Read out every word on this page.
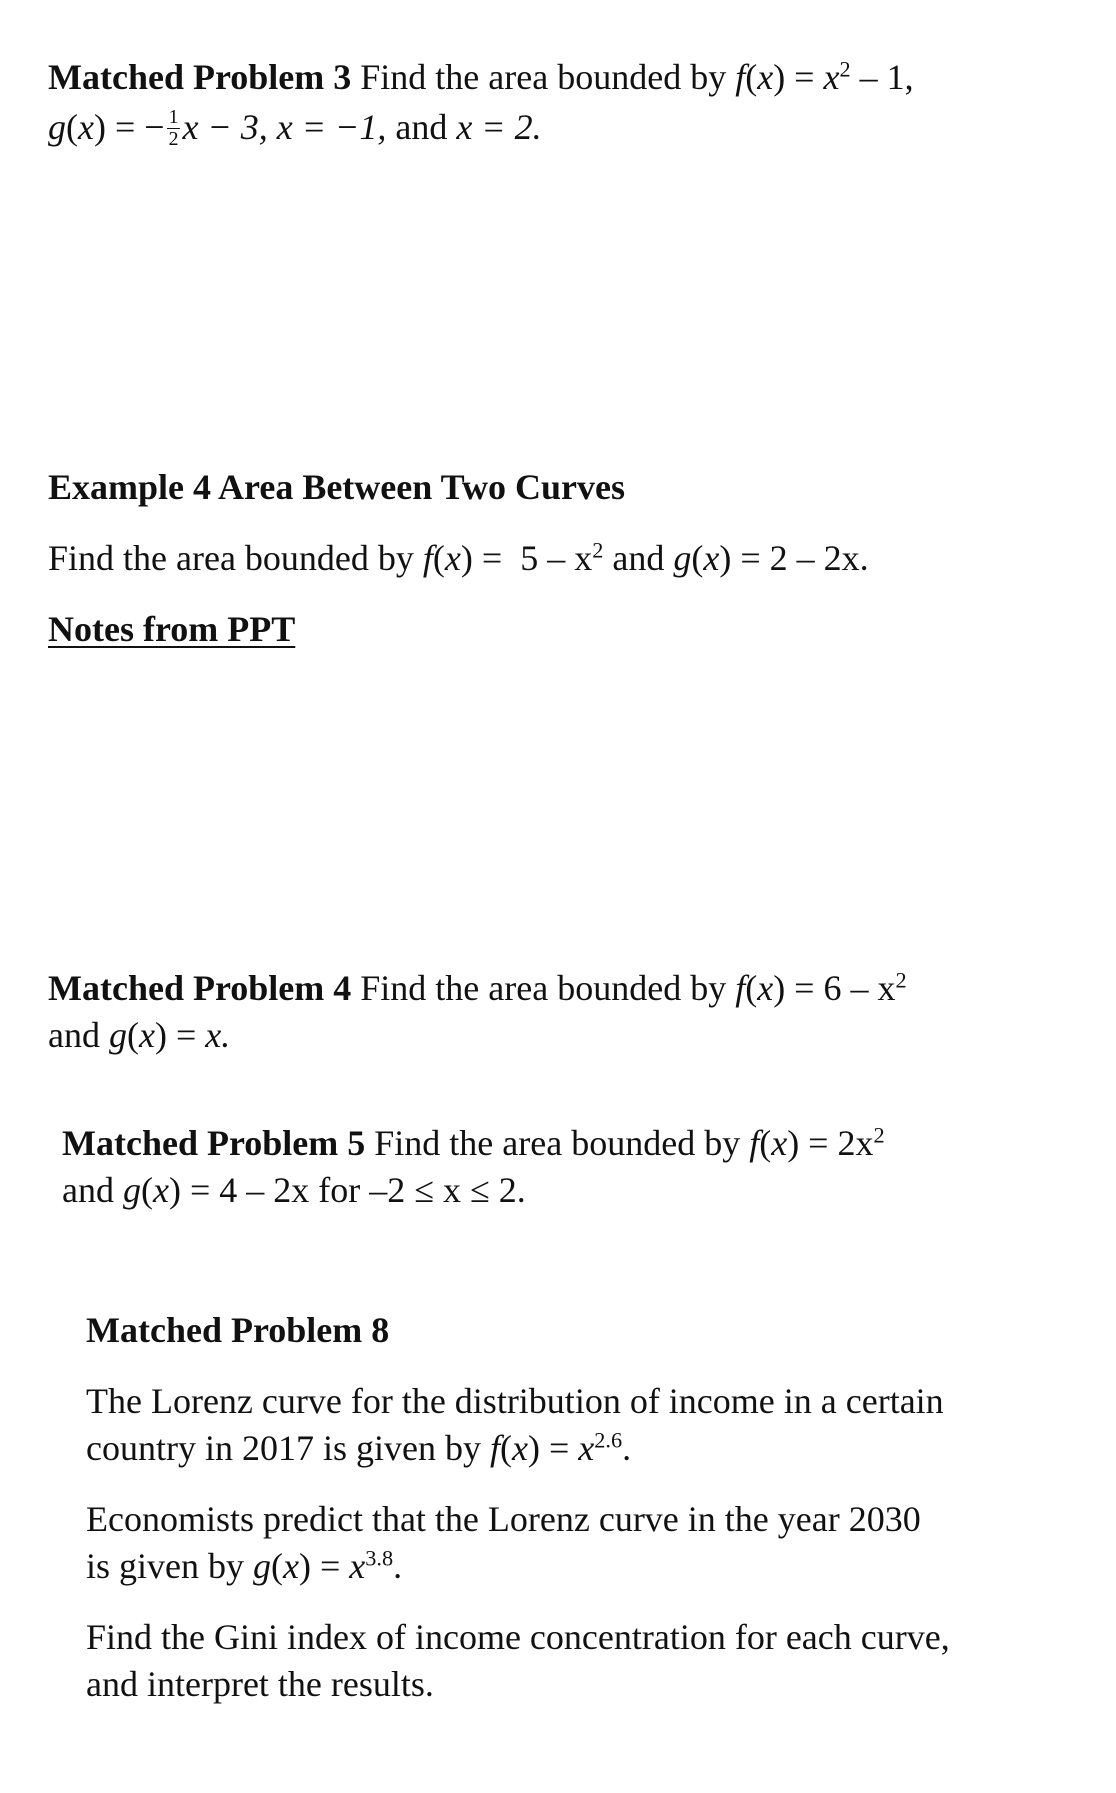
Matched Problem 3 Find the area bounded by $f(x) = x^2 - 1$,
g(x) = − $\frac{1}{2}$ x − 3, x = −1, and x = 2.
Example 4 Area Between Two Curves
Find the area bounded by $f(x) = 5 - x^2$ and g(x) = 2 – 2x.
Notes from PPT
Matched Problem 4 Find the area bounded by $f(x) = 6 - x^2$
and g(x) = x.
Matched Problem 5 Find the area bounded by $f(x) = 2x^2$
and g(x) = 4 – 2x for –2 ≤ x ≤ 2.
Matched Problem 8
The Lorenz curve for the distribution of income in a certain
country in 2017 is given by $f(x) = x^{2.6}$.
Economists predict that the Lorenz curve in the year 2030
is given by $g(x) = x^{3.8}$.
Find the Gini index of income concentration for each curve,
and interpret the results.
